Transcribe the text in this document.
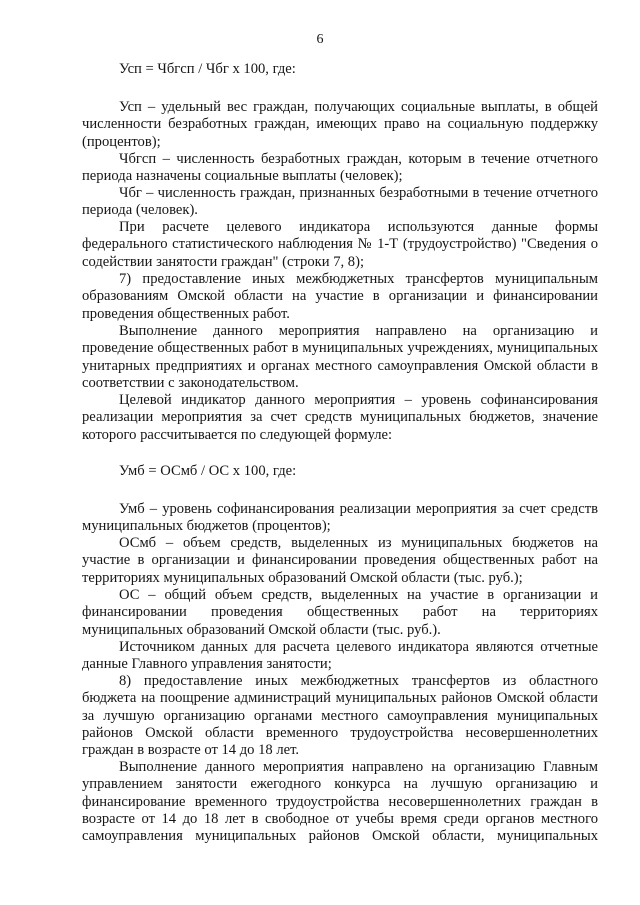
6

Усп = Чбгсп / Чбг х 100, где:

Усп – удельный вес граждан, получающих социальные выплаты, в общей численности безработных граждан, имеющих право на социальную поддержку (процентов);

Чбгсп – численность безработных граждан, которым в течение отчетного периода назначены социальные выплаты (человек);

Чбг – численность граждан, признанных безработными в течение отчетного периода (человек).

При расчете целевого индикатора используются данные формы федерального статистического наблюдения № 1-Т (трудоустройство) "Сведения о содействии занятости граждан" (строки 7, 8);

7) предоставление иных межбюджетных трансфертов муниципальным образованиям Омской области на участие в организации и финансировании проведения общественных работ.

Выполнение данного мероприятия направлено на организацию и проведение общественных работ в муниципальных учреждениях, муниципальных унитарных предприятиях и органах местного самоуправления Омской области в соответствии с законодательством.

Целевой индикатор данного мероприятия – уровень софинансирования реализации мероприятия за счет средств муниципальных бюджетов, значение которого рассчитывается по следующей формуле:

Умб = ОСмб / ОС х 100, где:

Умб – уровень софинансирования реализации мероприятия за счет средств муниципальных бюджетов (процентов);

ОСмб – объем средств, выделенных из муниципальных бюджетов на участие в организации и финансировании проведения общественных работ на территориях муниципальных образований Омской области (тыс. руб.);

ОС – общий объем средств, выделенных на участие в организации и финансировании проведения общественных работ на территориях муниципальных образований Омской области (тыс. руб.).

Источником данных для расчета целевого индикатора являются отчетные данные Главного управления занятости;

8) предоставление иных межбюджетных трансфертов из областного бюджета на поощрение администраций муниципальных районов Омской области за лучшую организацию органами местного самоуправления муниципальных районов Омской области временного трудоустройства несовершеннолетних граждан в возрасте от 14 до 18 лет.

Выполнение данного мероприятия направлено на организацию Главным управлением занятости ежегодного конкурса на лучшую организацию и финансирование временного трудоустройства несовершеннолетних граждан в возрасте от 14 до 18 лет в свободное от учебы время среди органов местного самоуправления муниципальных районов Омской области, муниципальных
